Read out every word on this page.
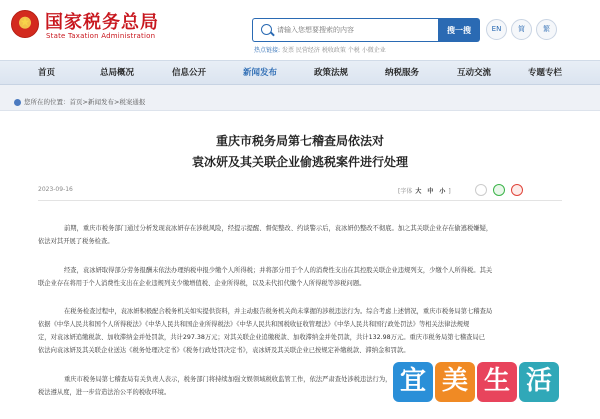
★
国家税务总局
State Taxation Administration
请输入您想要搜索的内容
搜一搜	EN	简	繁
热点链接: 发票 民营经济 税收政策 个税 小微企业
首页	总局概况	信息公开	新闻发布	政策法规	纳税服务	互动交流	专题专栏
您所在的位置：首页>新闻发布>税案通报
重庆市税务局第七稽查局依法对
袁冰妍及其关联企业偷逃税案件进行处理
2023-09-16	[字体 大 中 小 ]
前期，重庆市税务部门通过分析发现袁冰妍存在涉税风险，经提示提醒、督促整改、约谈警示后，袁冰妍仍整改不彻底。加之其关联企业存在偷逃税嫌疑，
依法对其开展了税务检查。
经查，袁冰妍取得部分劳务报酬未依法办理纳税申报少缴个人所得税；并将部分用于个人的消费性支出在其控股关联企业违规列支，少缴个人所得税。其关
联企业存在将用于个人消费性支出在企业违规列支少缴增值税、企业所得税，以及未代扣代缴个人所得税等涉税问题。
在税务检查过程中，袁冰妍积极配合税务机关如实提供资料，并主动报告税务机关尚未掌握的涉税违法行为。综合考虑上述情况，重庆市税务局第七稽查局
依据《中华人民共和国个人所得税法》《中华人民共和国企业所得税法》《中华人民共和国税收征收管理法》《中华人民共和国行政处罚法》等相关法律法规规
定，对袁冰妍追缴税款、加收滞纳金并处罚款，共计297.38万元；对其关联企业追缴税款、加收滞纳金并处罚款，共计132.98万元。重庆市税务局第七稽查局已
依法向袁冰妍及其关联企业送达《税务处理决定书》《税务行政处罚决定书》，袁冰妍及其关联企业已按规定补缴税款、滞纳金和罚款。
重庆市税务局第七稽查局有关负责人表示，税务部门将持续加强文娱领域税收监管工作，依法严肃查处涉税违法行为，
税法遵从度，进一步营造法治公平的税收环境。	宜 美 生 活
